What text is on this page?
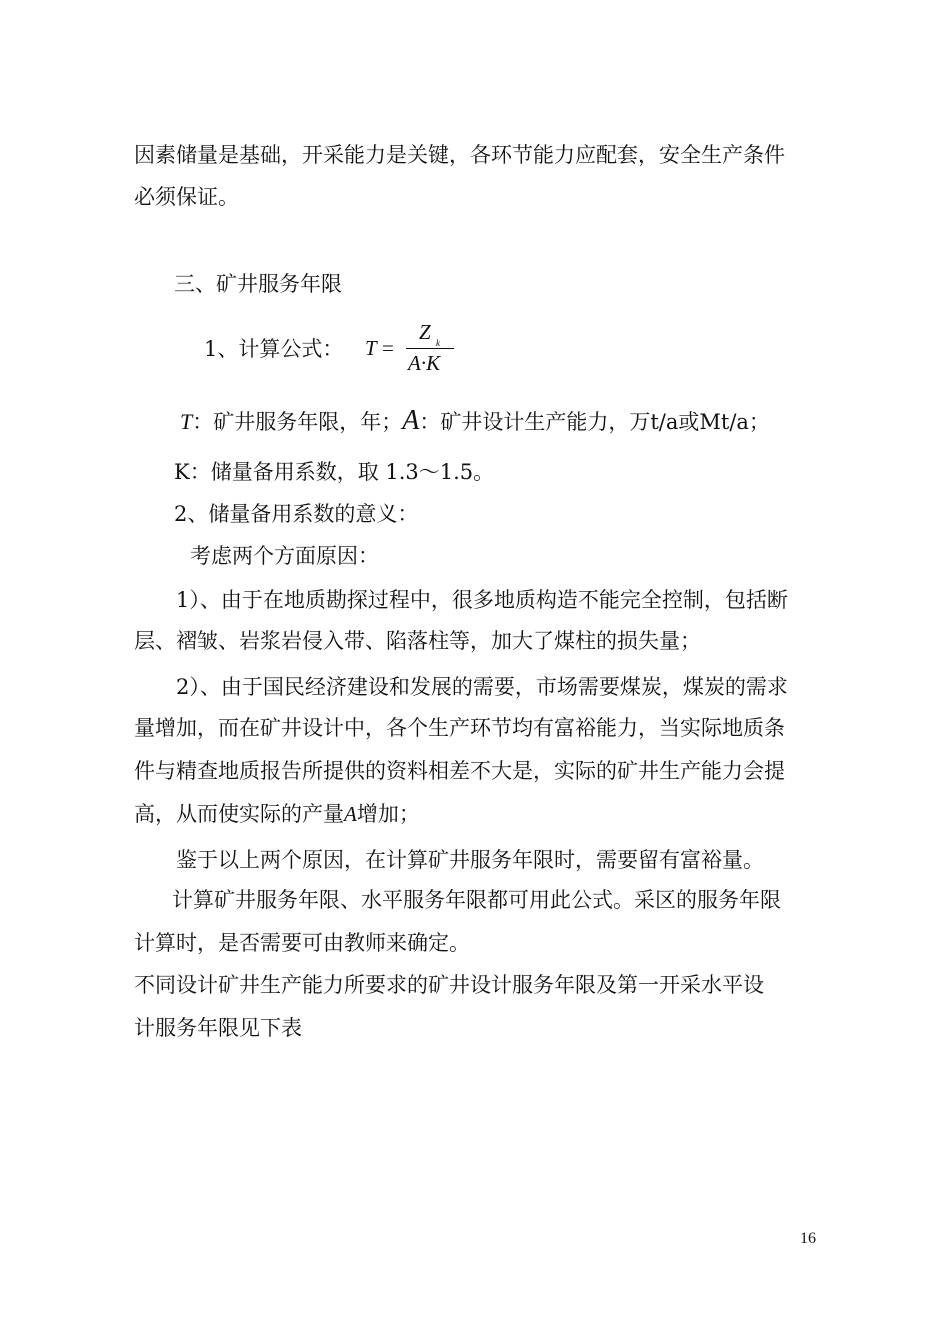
因素储量是基础，开采能力是关键，各环节能力应配套，安全生产条件
必须保证。
三、矿井服务年限
1、计算公式： T =
Z k
A·K
T：矿井服务年限，年；A：矿井设计生产能力，万t/a或Mt/a；
K：储量备用系数，取 1.3～1.5。
2、储量备用系数的意义：
考虑两个方面原因：
1）、由于在地质勘探过程中，很多地质构造不能完全控制，包括断
层、褶皱、岩浆岩侵入带、陷落柱等，加大了煤柱的损失量；
2）、由于国民经济建设和发展的需要，市场需要煤炭，煤炭的需求
量增加，而在矿井设计中，各个生产环节均有富裕能力，当实际地质条
件与精查地质报告所提供的资料相差不大是，实际的矿井生产能力会提
高，从而使实际的产量A增加；
鉴于以上两个原因，在计算矿井服务年限时，需要留有富裕量。
计算矿井服务年限、水平服务年限都可用此公式。采区的服务年限
计算时，是否需要可由教师来确定。
不同设计矿井生产能力所要求的矿井设计服务年限及第一开采水平设
计服务年限见下表
16
